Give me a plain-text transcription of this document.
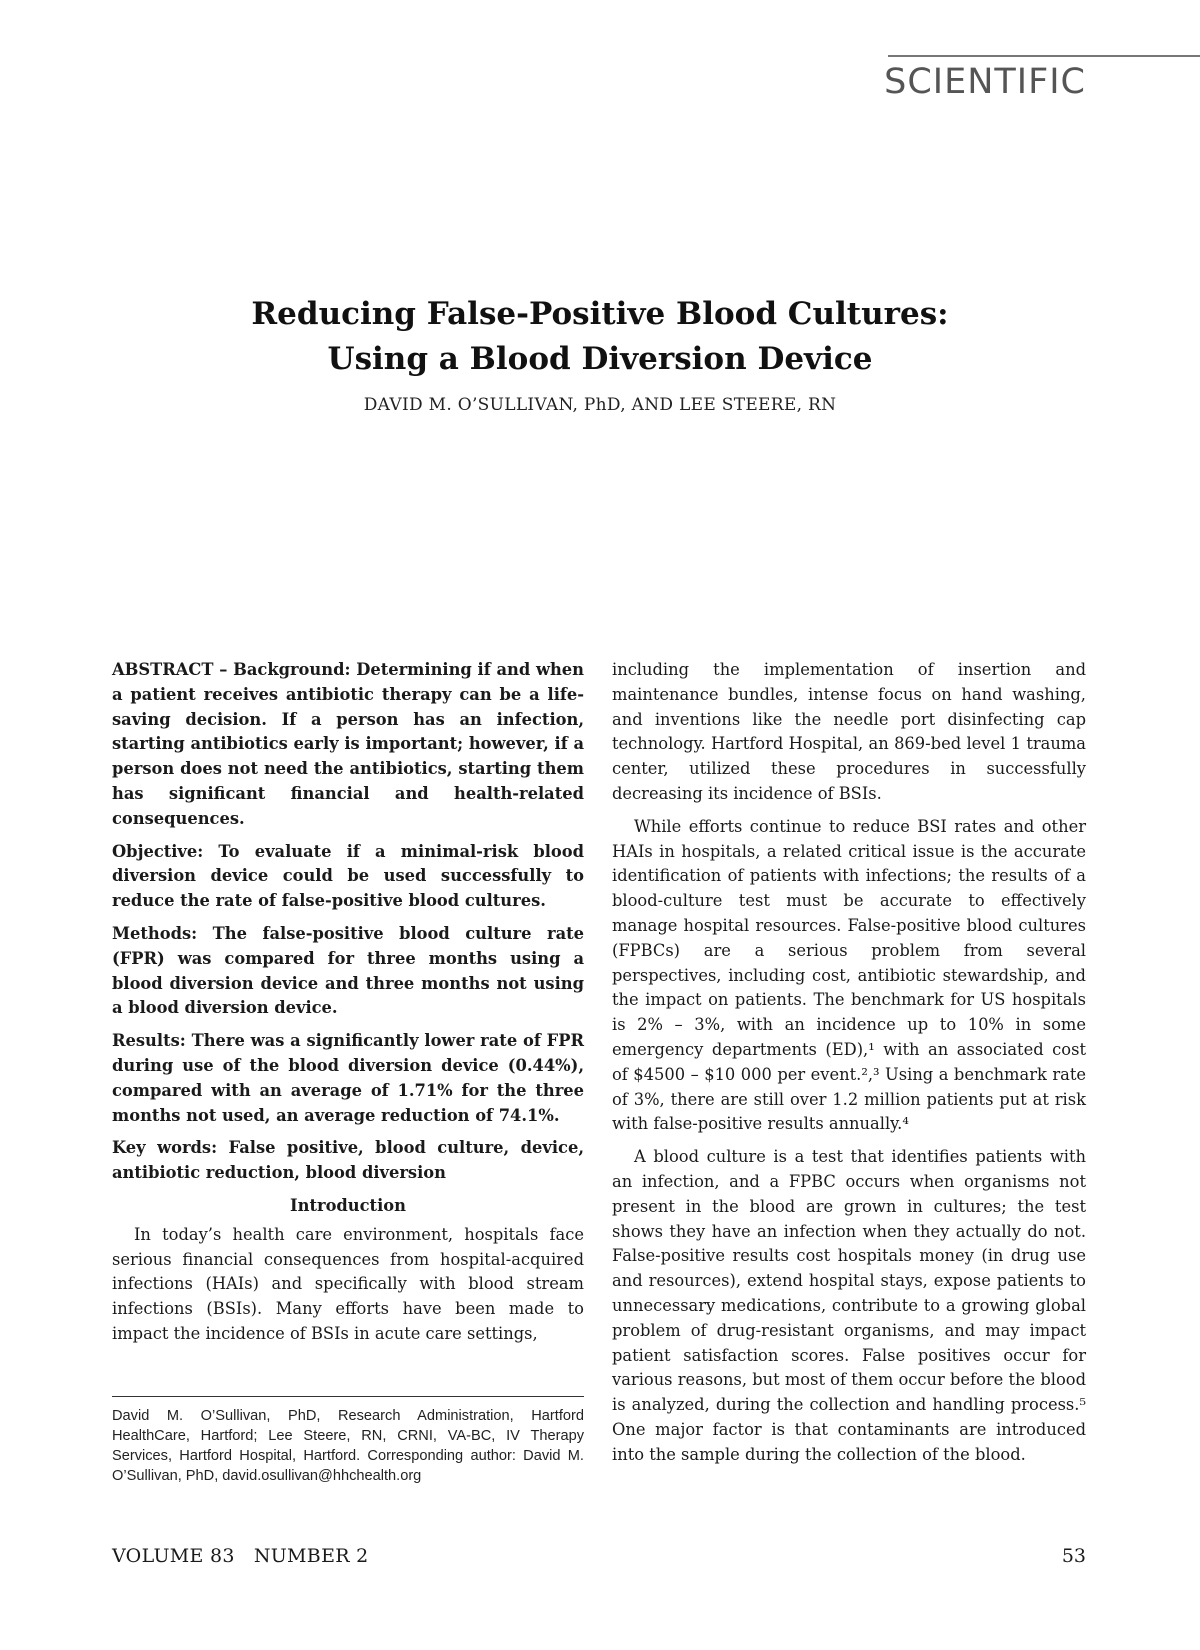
SCIENTIFIC
Reducing False-Positive Blood Cultures:
Using a Blood Diversion Device
DAVID M. O’SULLIVAN, PhD, AND LEE STEERE, RN

ABSTRACT – Background: Determining if and when a patient receives antibiotic therapy can be a life-saving decision. If a person has an infection, starting antibiotics early is important; however, if a person does not need the antibiotics, starting them has significant financial and health-related consequences.

Objective: To evaluate if a minimal-risk blood diversion device could be used successfully to reduce the rate of false-positive blood cultures.

Methods: The false-positive blood culture rate (FPR) was compared for three months using a blood diversion device and three months not using a blood diversion device.

Results: There was a significantly lower rate of FPR during use of the blood diversion device (0.44%), compared with an average of 1.71% for the three months not used, an average reduction of 74.1%.

Key words: False positive, blood culture, device, antibiotic reduction, blood diversion

Introduction

In today’s health care environment, hospitals face serious financial consequences from hospital-acquired infections (HAIs) and specifically with blood stream infections (BSIs). Many efforts have been made to impact the incidence of BSIs in acute care settings,

David M. O’Sullivan, PhD, Research Administration, Hartford HealthCare, Hartford; Lee Steere, RN, CRNI, VA-BC, IV Therapy Services, Hartford Hospital, Hartford. Corresponding author: David M. O’Sullivan, PhD, david.osullivan@hhchealth.org

including the implementation of insertion and maintenance bundles, intense focus on hand washing, and inventions like the needle port disinfecting cap technology. Hartford Hospital, an 869-bed level 1 trauma center, utilized these procedures in successfully decreasing its incidence of BSIs.

While efforts continue to reduce BSI rates and other HAIs in hospitals, a related critical issue is the accurate identification of patients with infections; the results of a blood-culture test must be accurate to effectively manage hospital resources. False-positive blood cultures (FPBCs) are a serious problem from several perspectives, including cost, antibiotic stewardship, and the impact on patients. The benchmark for US hospitals is 2% – 3%, with an incidence up to 10% in some emergency departments (ED),¹ with an associated cost of $4500 – $10 000 per event.²,³ Using a benchmark rate of 3%, there are still over 1.2 million patients put at risk with false-positive results annually.⁴

A blood culture is a test that identifies patients with an infection, and a FPBC occurs when organisms not present in the blood are grown in cultures; the test shows they have an infection when they actually do not. False-positive results cost hospitals money (in drug use and resources), extend hospital stays, expose patients to unnecessary medications, contribute to a growing global problem of drug-resistant organisms, and may impact patient satisfaction scores. False positives occur for various reasons, but most of them occur before the blood is analyzed, during the collection and handling process.⁵ One major factor is that contaminants are introduced into the sample during the collection of the blood.

VOLUME 83   NUMBER 2	53
